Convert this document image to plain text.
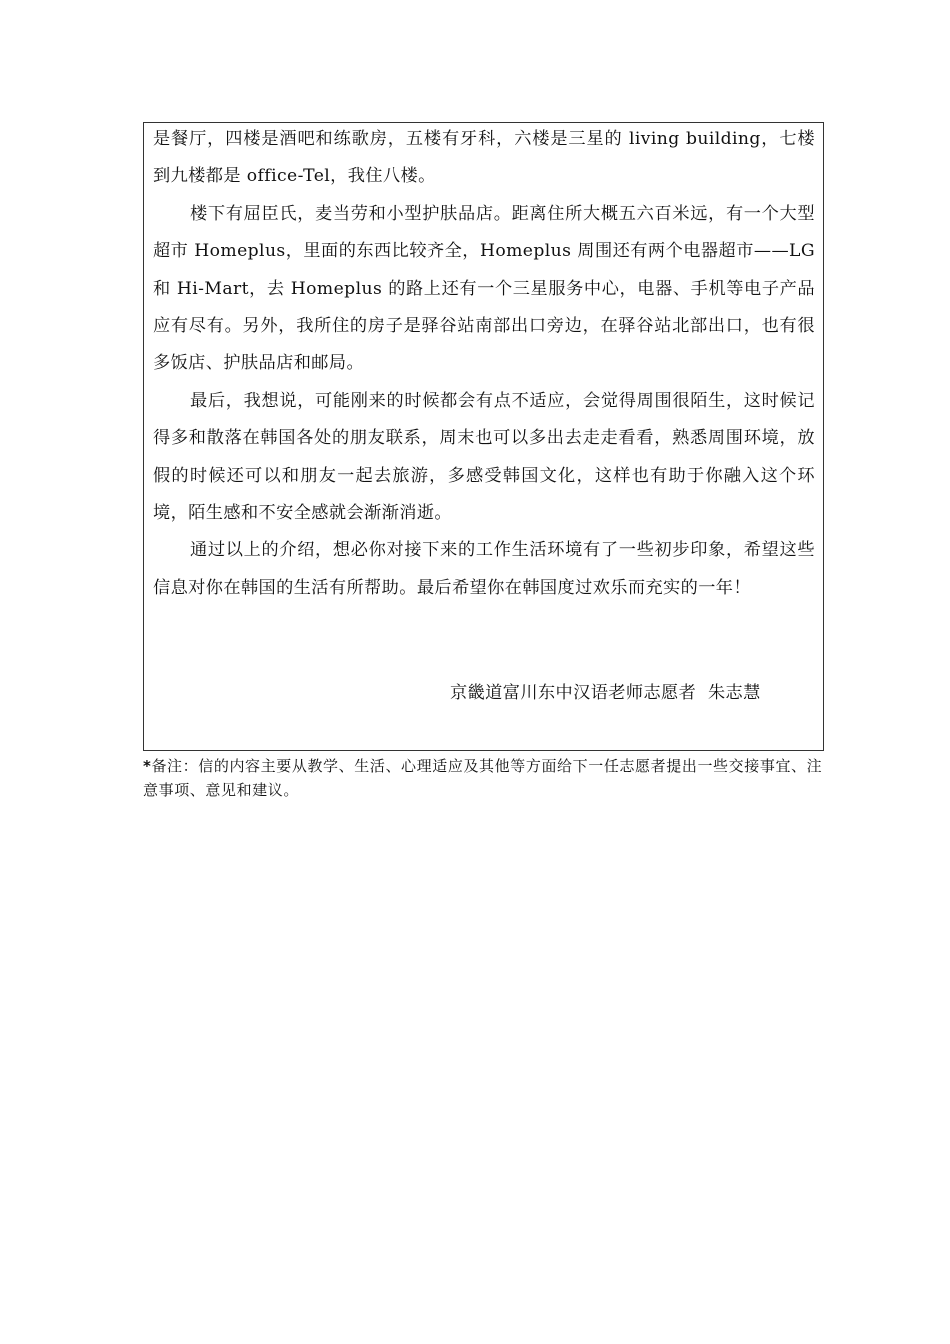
是餐厅，四楼是酒吧和练歌房，五楼有牙科，六楼是三星的 living building，七楼到九楼都是 office-Tel，我住八楼。

楼下有屈臣氏，麦当劳和小型护肤品店。距离住所大概五六百米远，有一个大型超市 Homeplus，里面的东西比较齐全，Homeplus 周围还有两个电器超市——LG 和 Hi-Mart，去 Homeplus 的路上还有一个三星服务中心，电器、手机等电子产品应有尽有。另外，我所住的房子是驿谷站南部出口旁边，在驿谷站北部出口，也有很多饭店、护肤品店和邮局。

最后，我想说，可能刚来的时候都会有点不适应，会觉得周围很陌生，这时候记得多和散落在韩国各处的朋友联系，周末也可以多出去走走看看，熟悉周围环境，放假的时候还可以和朋友一起去旅游，多感受韩国文化，这样也有助于你融入这个环境，陌生感和不安全感就会渐渐消逝。

通过以上的介绍，想必你对接下来的工作生活环境有了一些初步印象，希望这些信息对你在韩国的生活有所帮助。最后希望你在韩国度过欢乐而充实的一年！

京畿道富川东中汉语老师志愿者  朱志慧
*备注：信的内容主要从教学、生活、心理适应及其他等方面给下一任志愿者提出一些交接事宜、注意事项、意见和建议。
